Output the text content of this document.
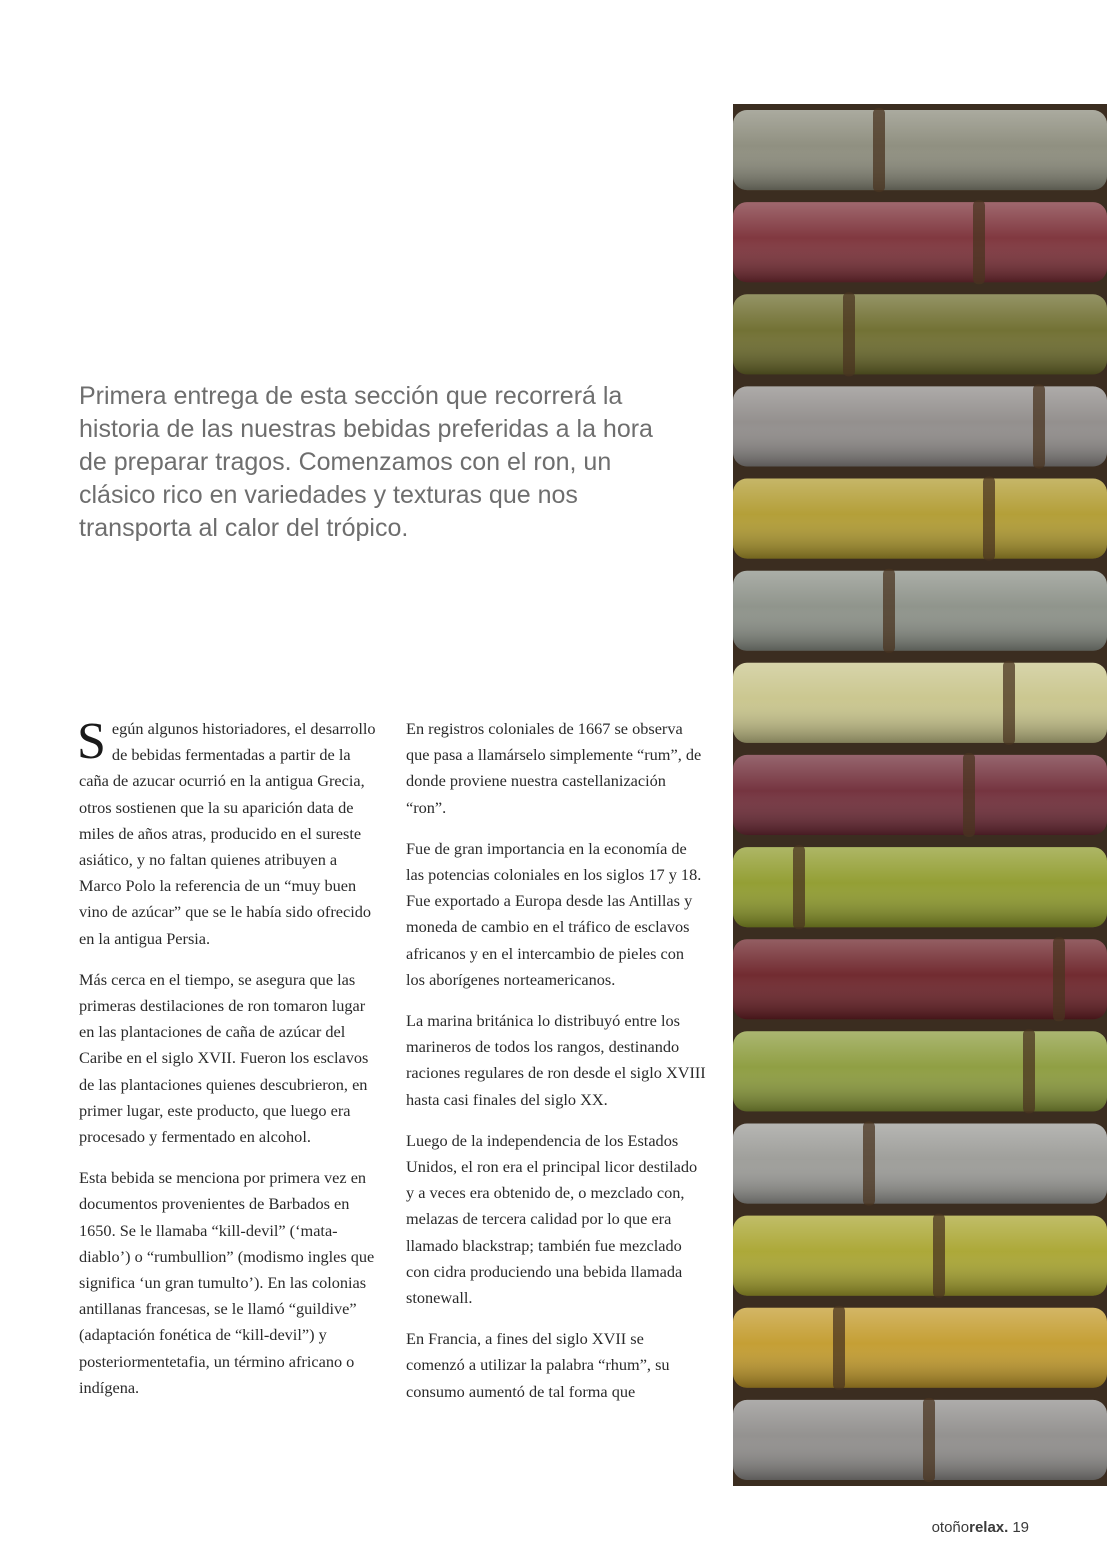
Primera entrega de esta sección que recorrerá la historia de las nuestras bebidas preferidas a la hora de preparar tragos. Comenzamos con el ron, un clásico rico en variedades y texturas que nos transporta al calor del trópico.

Según algunos historiadores, el desarrollo de bebidas fermentadas a partir de la caña de azucar ocurrió en la antigua Grecia, otros sostienen que la su aparición data de miles de años atras, producido en el sureste asiático, y no faltan quienes atribuyen a Marco Polo la referencia de un “muy buen vino de azúcar” que se le había sido ofrecido en la antigua Persia.

Más cerca en el tiempo, se asegura que las primeras destilaciones de ron tomaron lugar en las plantaciones de caña de azúcar del Caribe en el siglo XVII. Fueron los esclavos de las plantaciones quienes descubrieron, en primer lugar, este producto, que luego era procesado y fermentado en alcohol.

Esta bebida se menciona por primera vez en documentos provenientes de Barbados en 1650. Se le llamaba “kill-devil” (‘mata-diablo’) o “rumbullion” (modismo ingles que significa ‘un gran tumulto’). En las colonias antillanas francesas, se le llamó “guildive” (adaptación fonética de “kill-devil”) y posteriormentetafia, un término africano o indígena.

En registros coloniales de 1667 se observa que pasa a llamárselo simplemente “rum”, de donde proviene nuestra castellanización “ron”.

Fue de gran importancia en la economía de las potencias coloniales en los siglos 17 y 18. Fue exportado a Europa desde las Antillas y moneda de cambio en el tráfico de esclavos africanos y en el intercambio de pieles con los aborígenes norteamericanos.

La marina británica lo distribuyó entre los marineros de todos los rangos, destinando raciones regulares de ron desde el siglo XVIII hasta casi finales del siglo XX.

Luego de la independencia de los Estados Unidos, el ron era el principal licor destilado y a veces era obtenido de, o mezclado con, melazas de tercera calidad por lo que era llamado blackstrap; también fue mezclado con cidra produciendo una bebida llamada stonewall.

En Francia, a fines del siglo XVII se comenzó a utilizar la palabra “rhum”, su consumo aumentó de tal forma que

otoñorelax. 19
